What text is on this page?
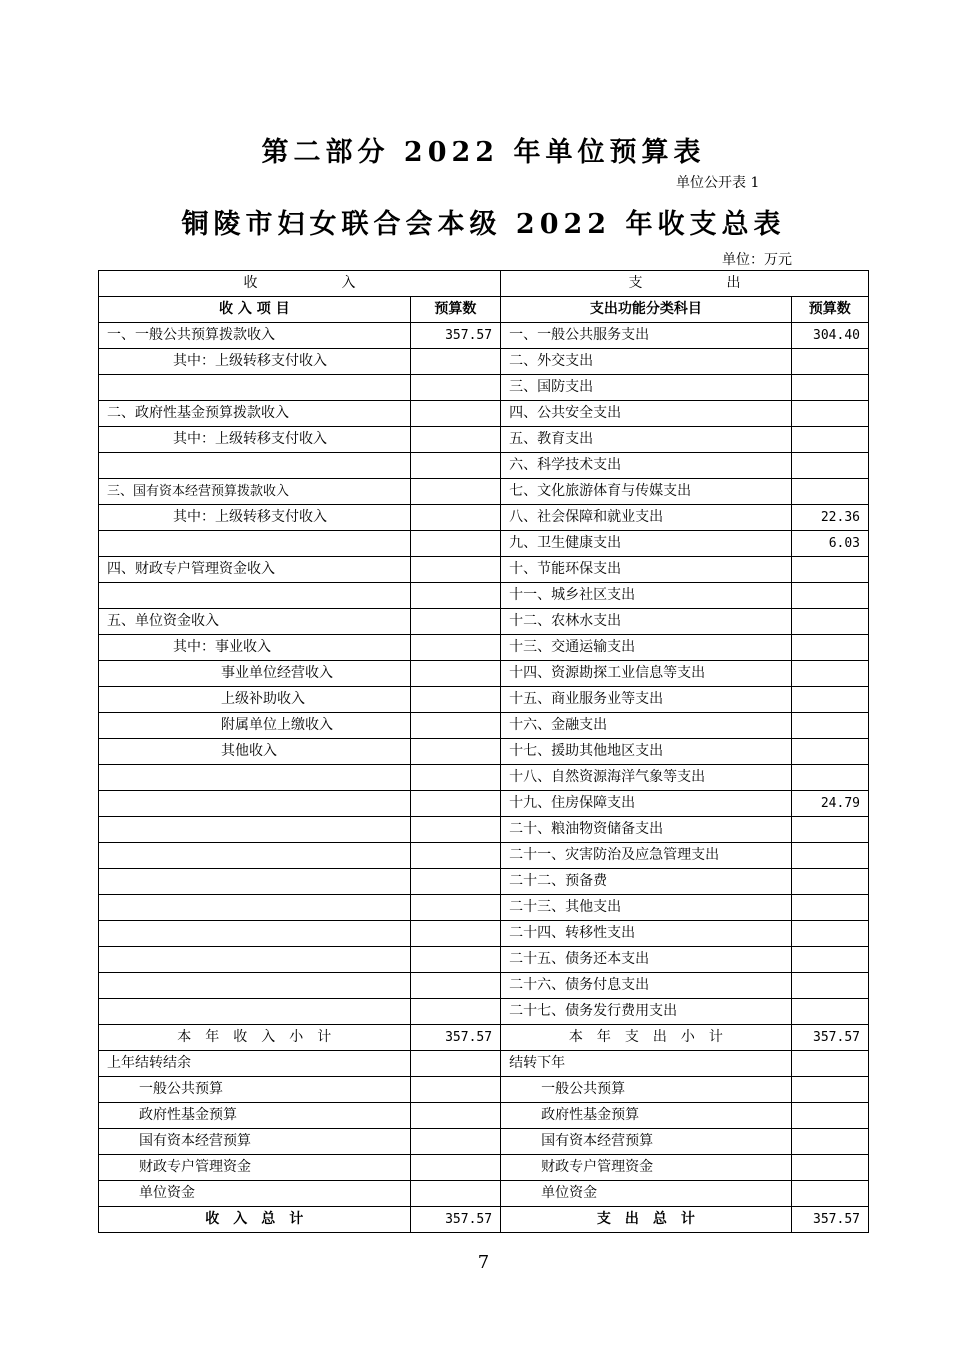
第二部分 2022 年单位预算表
单位公开表 1
铜陵市妇女联合会本级 2022 年收支总表
单位：万元
收　　　　　　入		支　　　　　　出	
收 入 项 目	预算数	支出功能分类科目	预算数
一、一般公共预算拨款收入	357.57	一、一般公共服务支出	304.40
其中：上级转移支付收入		二、外交支出	
		三、国防支出	
二、政府性基金预算拨款收入		四、公共安全支出	
其中：上级转移支付收入		五、教育支出	
		六、科学技术支出	
三、国有资本经营预算拨款收入		七、文化旅游体育与传媒支出	
其中：上级转移支付收入		八、社会保障和就业支出	22.36
		九、卫生健康支出	6.03
四、财政专户管理资金收入		十、节能环保支出	
		十一、城乡社区支出	
五、单位资金收入		十二、农林水支出	
其中：事业收入		十三、交通运输支出	
事业单位经营收入		十四、资源勘探工业信息等支出	
上级补助收入		十五、商业服务业等支出	
附属单位上缴收入		十六、金融支出	
其他收入		十七、援助其他地区支出	
		十八、自然资源海洋气象等支出	
		十九、住房保障支出	24.79
		二十、粮油物资储备支出	
		二十一、灾害防治及应急管理支出	
		二十二、预备费	
		二十三、其他支出	
		二十四、转移性支出	
		二十五、债务还本支出	
		二十六、债务付息支出	
		二十七、债务发行费用支出	
本　年　收　入　小　计	357.57	本　年　支　出　小　计	357.57
上年结转结余		结转下年	
一般公共预算		一般公共预算	
政府性基金预算		政府性基金预算	
国有资本经营预算		国有资本经营预算	
财政专户管理资金		财政专户管理资金	
单位资金		单位资金	
收　入　总　计	357.57	支　出　总　计	357.57
7
